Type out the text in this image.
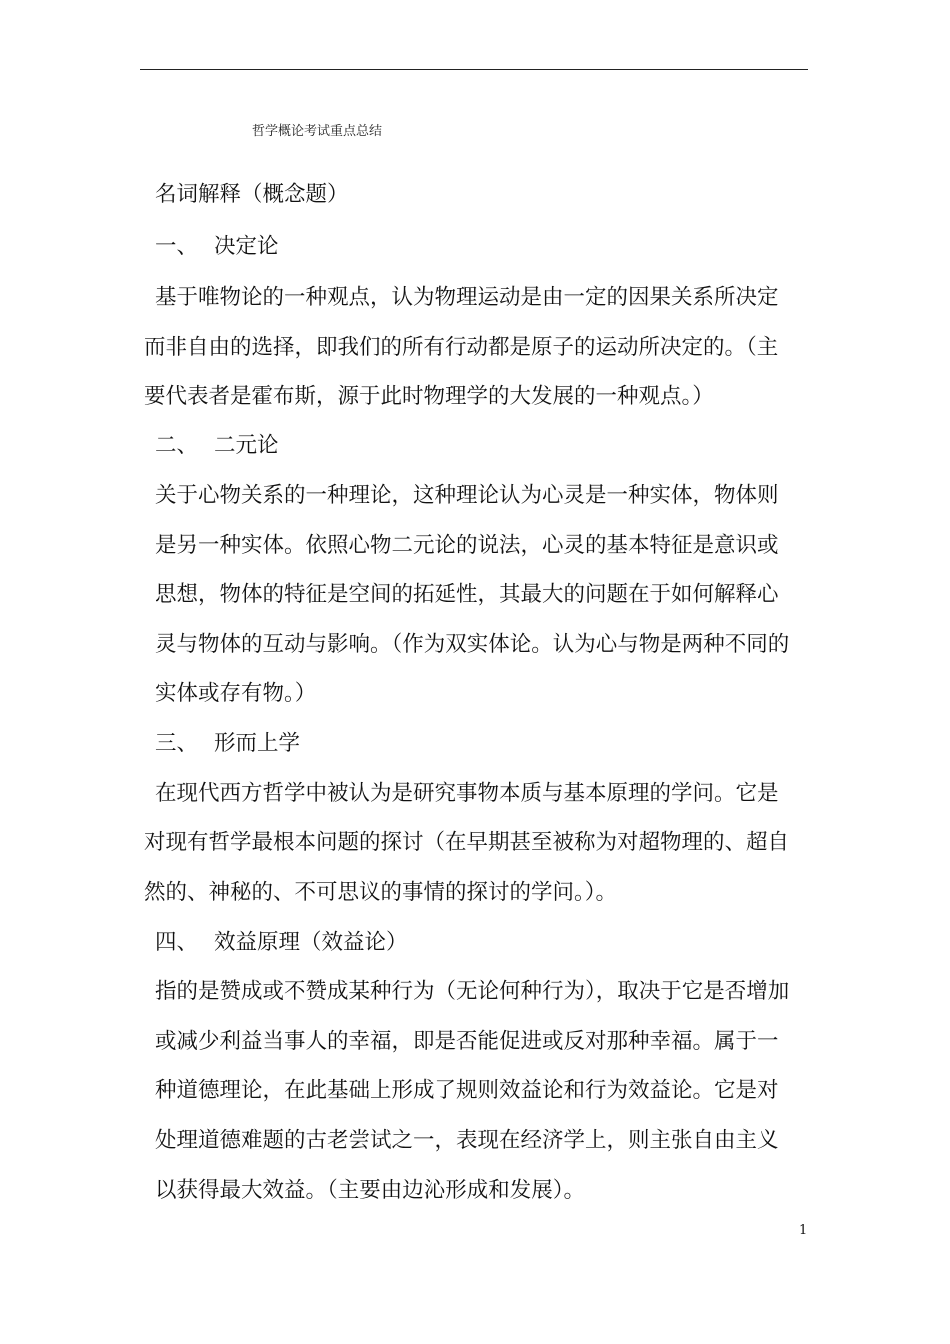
哲学概论考试重点总结
名词解释（概念题）
一、 决定论
基于唯物论的一种观点，认为物理运动是由一定的因果关系所决定
而非自由的选择，即我们的所有行动都是原子的运动所决定的。（主
要代表者是霍布斯，源于此时物理学的大发展的一种观点。）
二、 二元论
关于心物关系的一种理论，这种理论认为心灵是一种实体，物体则
是另一种实体。依照心物二元论的说法，心灵的基本特征是意识或
思想，物体的特征是空间的拓延性，其最大的问题在于如何解释心
灵与物体的互动与影响。（作为双实体论。认为心与物是两种不同的
实体或存有物。）
三、 形而上学
在现代西方哲学中被认为是研究事物本质与基本原理的学问。它是
对现有哲学最根本问题的探讨（在早期甚至被称为对超物理的、超自
然的、神秘的、不可思议的事情的探讨的学问。）。
四、 效益原理（效益论）
指的是赞成或不赞成某种行为（无论何种行为），取决于它是否增加
或减少利益当事人的幸福，即是否能促进或反对那种幸福。属于一
种道德理论，在此基础上形成了规则效益论和行为效益论。它是对
处理道德难题的古老尝试之一，表现在经济学上，则主张自由主义
以获得最大效益。（主要由边沁形成和发展）。
1
